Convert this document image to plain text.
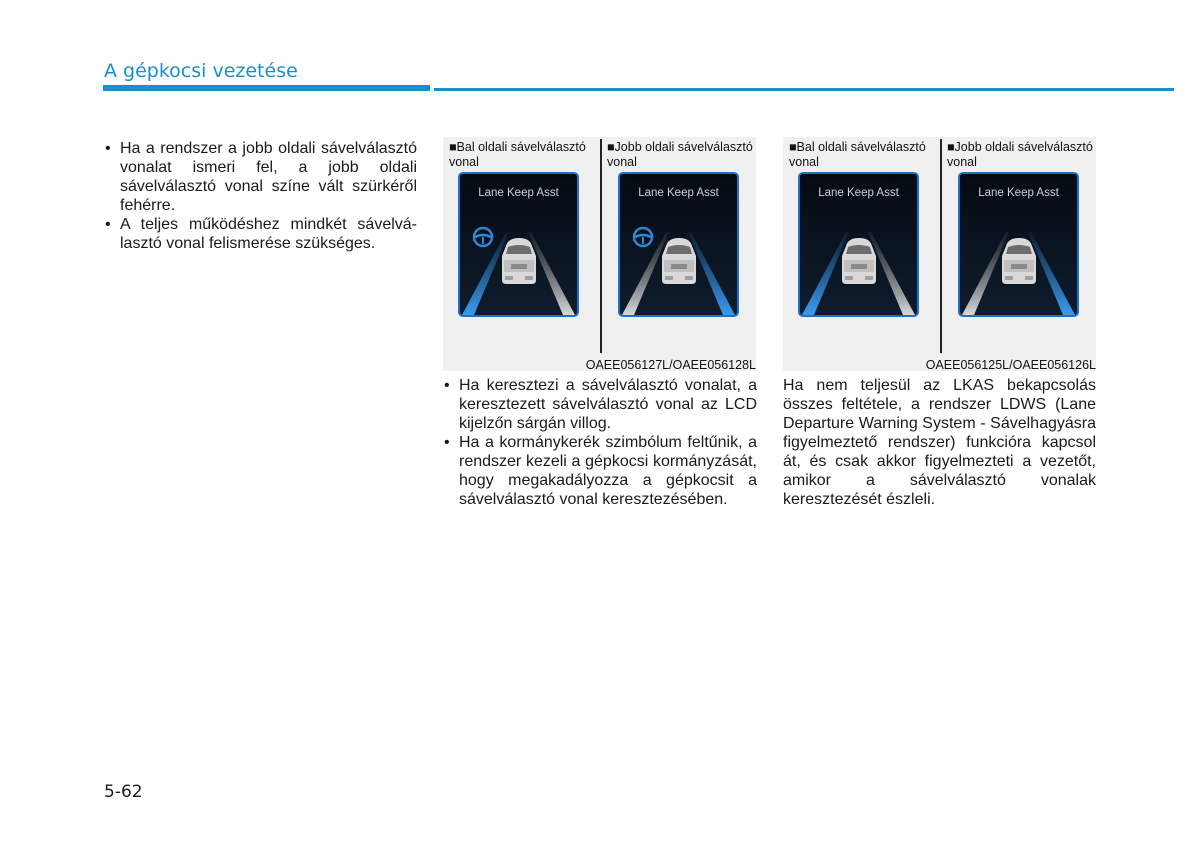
A gépkocsi vezetése
• Ha a rendszer a jobb oldali sávelválasztó vonalat ismeri fel, a jobb oldali sávelválasztó vonal színe vált szürkéről fehérre.
• A teljes működéshez mindkét sávelválasztó vonal felismerése szükséges.
■Bal oldali sávelválasztó vonal
■Jobb oldali sávelválasztó vonal
Lane Keep Asst	Lane Keep Asst
OAEE056127L/OAEE056128L
■Bal oldali sávelválasztó vonal
■Jobb oldali sávelválasztó vonal
Lane Keep Asst	Lane Keep Asst
OAEE056125L/OAEE056126L
• Ha keresztezi a sávelválasztó vonalat, a keresztezett sávelválasztó vonal az LCD kijelzőn sárgán villog.
• Ha a kormánykerék szimbólum feltűnik, a rendszer kezeli a gépkocsi kormányzását, hogy megakadályozza a gépkocsit a sávelválasztó vonal keresztezésében.

Ha nem teljesül az LKAS bekapcsolás összes feltétele, a rendszer LDWS (Lane Departure Warning System - Sávelhagyásra figyelmeztető rendszer) funkcióra kapcsol át, és csak akkor figyelmezteti a vezetőt, amikor a sávelválasztó vonalak keresztezését észleli.

5-62
